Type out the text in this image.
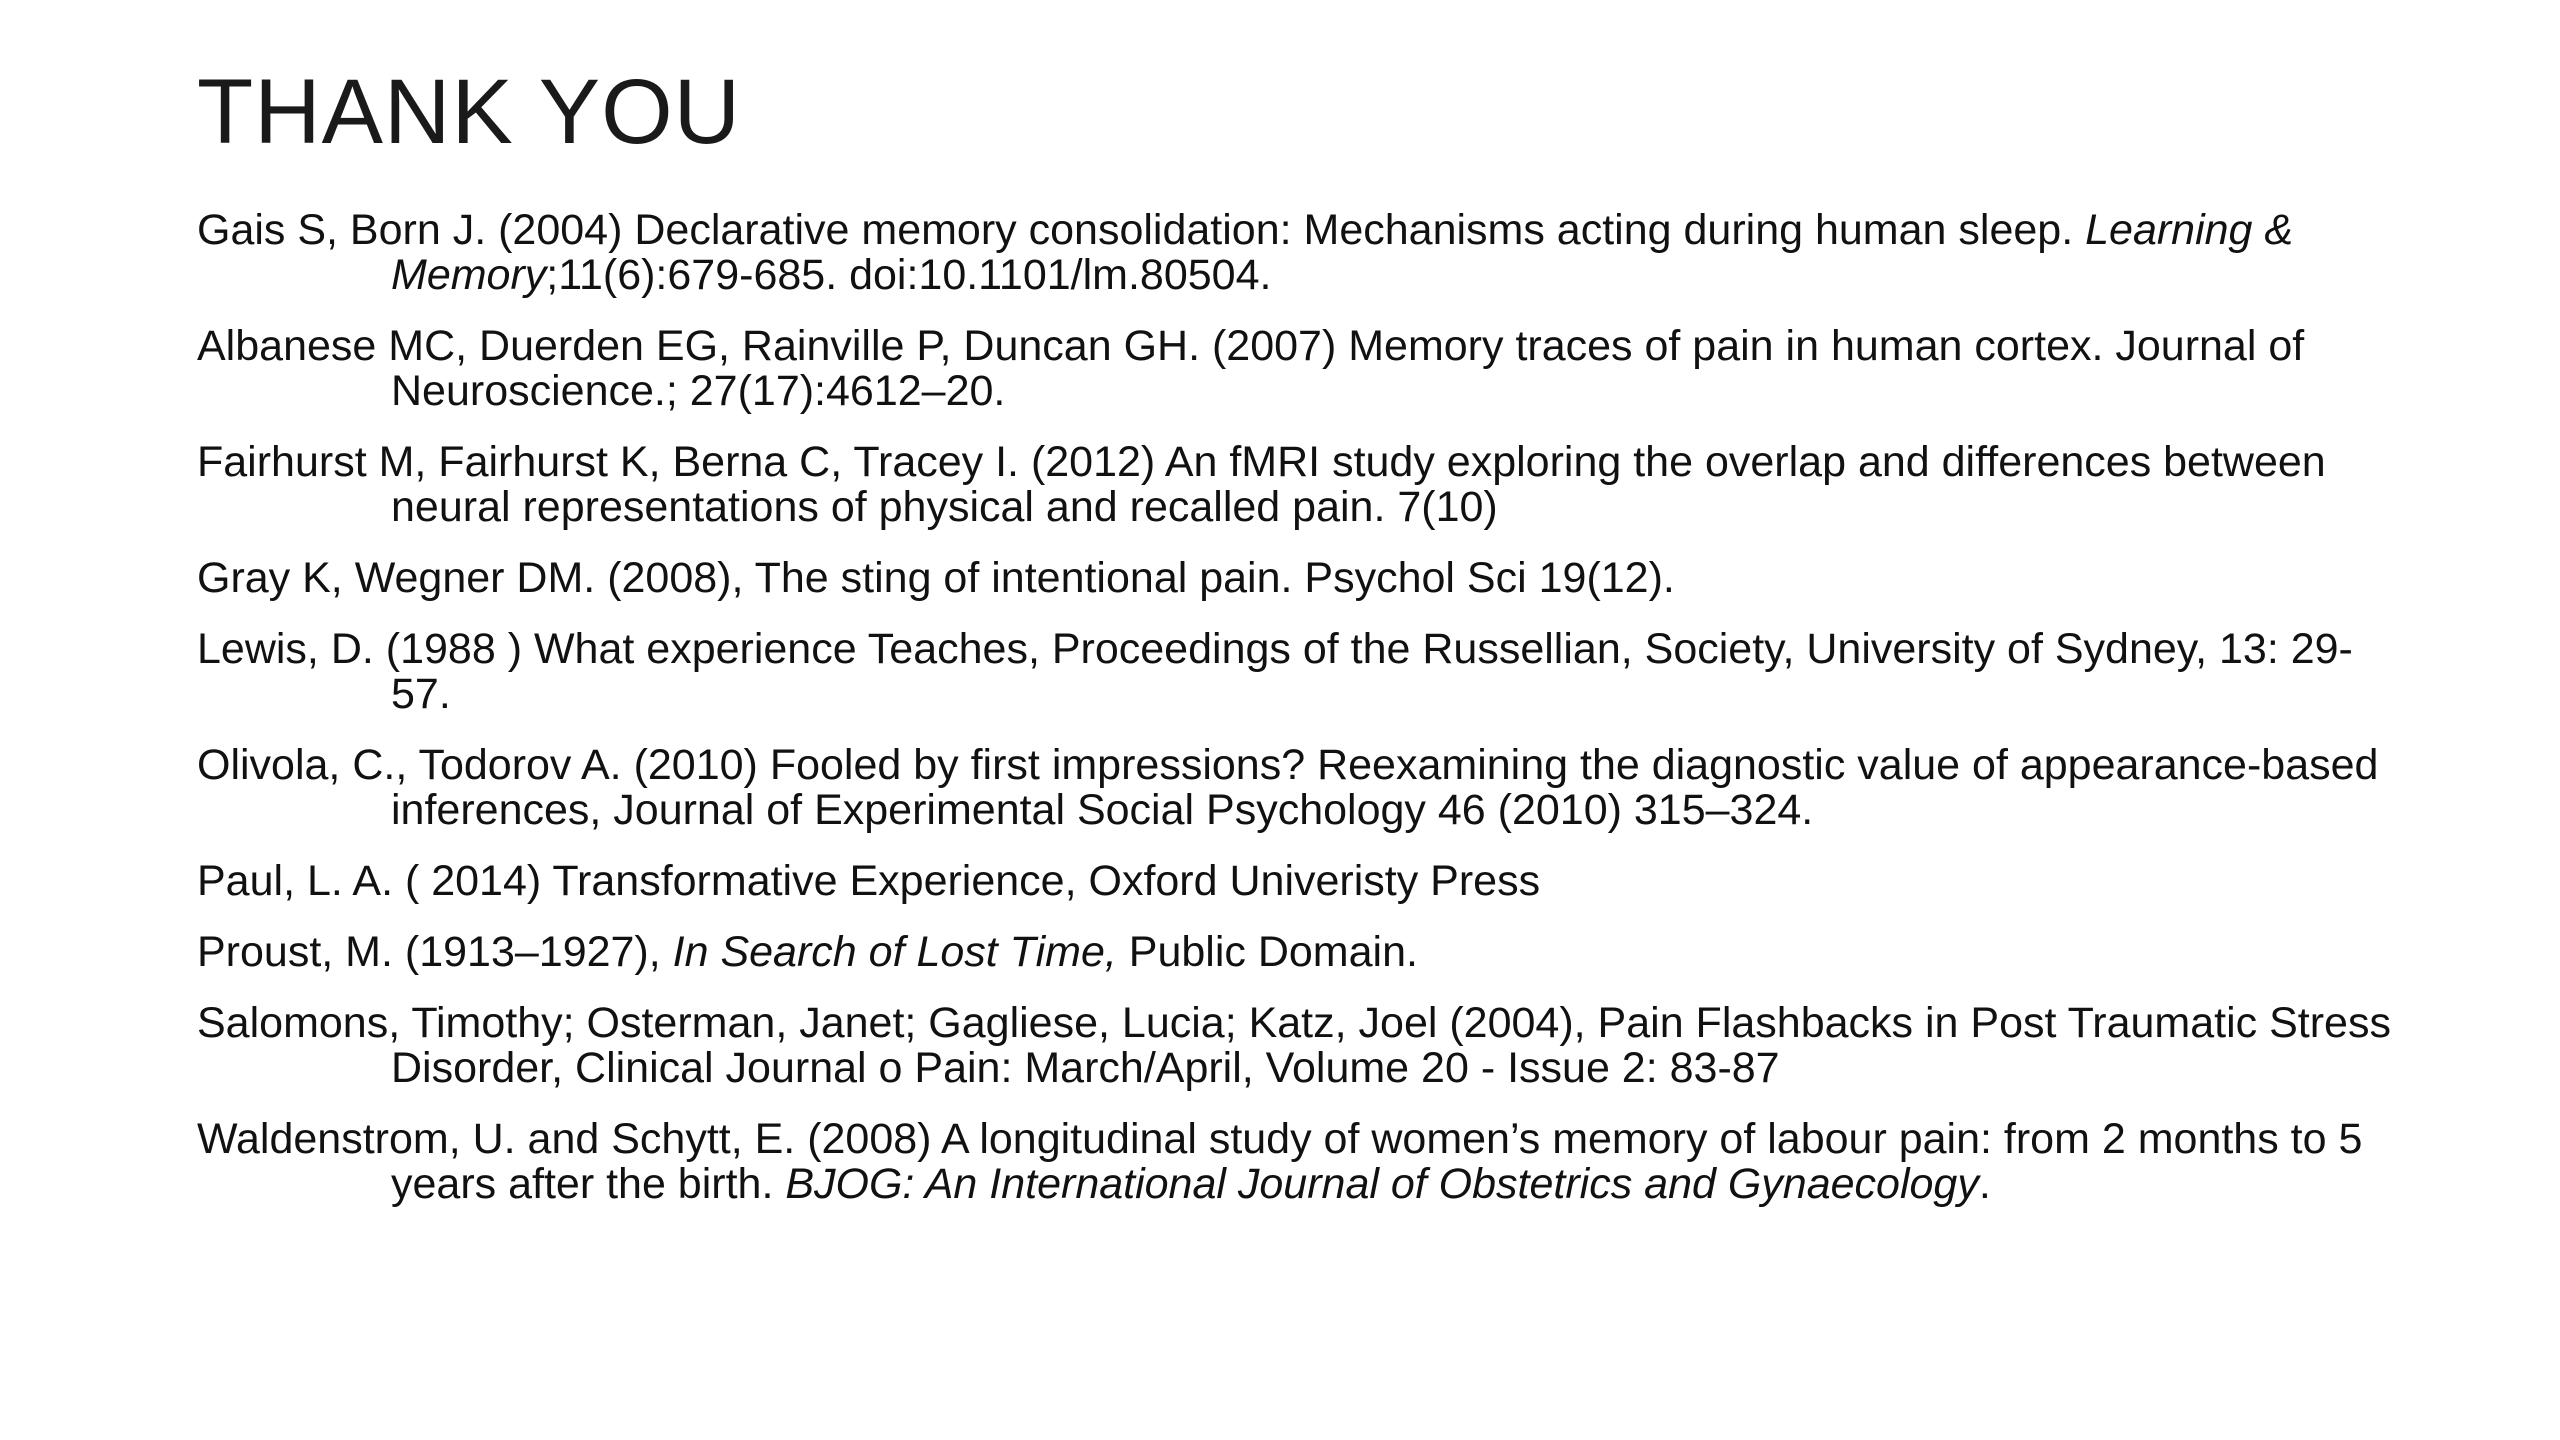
THANK YOU
Gais S, Born J. (2004) Declarative memory consolidation: Mechanisms acting during human sleep. Learning & Memory;11(6):679-685. doi:10.1101/lm.80504.
Albanese MC, Duerden EG, Rainville P, Duncan GH. (2007) Memory traces of pain in human cortex. Journal of Neuroscience.; 27(17):4612–20.
Fairhurst M, Fairhurst K, Berna C, Tracey I. (2012) An fMRI study exploring the overlap and differences between neural representations of physical and recalled pain. 7(10)
Gray K, Wegner DM. (2008), The sting of intentional pain. Psychol Sci 19(12).
Lewis, D. (1988 ) What experience Teaches, Proceedings of the Russellian, Society, University of Sydney, 13: 29-57.
Olivola, C., Todorov A. (2010) Fooled by first impressions? Reexamining the diagnostic value of appearance-based inferences, Journal of Experimental Social Psychology 46 (2010) 315–324.
Paul, L. A. ( 2014) Transformative Experience, Oxford Univeristy Press
Proust, M. (1913–1927), In Search of Lost Time, Public Domain.
Salomons, Timothy; Osterman, Janet; Gagliese, Lucia; Katz, Joel (2004), Pain Flashbacks in Post Traumatic Stress Disorder, Clinical Journal o Pain: March/April, Volume 20 - Issue 2: 83-87
Waldenstrom, U. and Schytt, E. (2008) A longitudinal study of women’s memory of labour pain: from 2 months to 5 years after the birth. BJOG: An International Journal of Obstetrics and Gynaecology.
